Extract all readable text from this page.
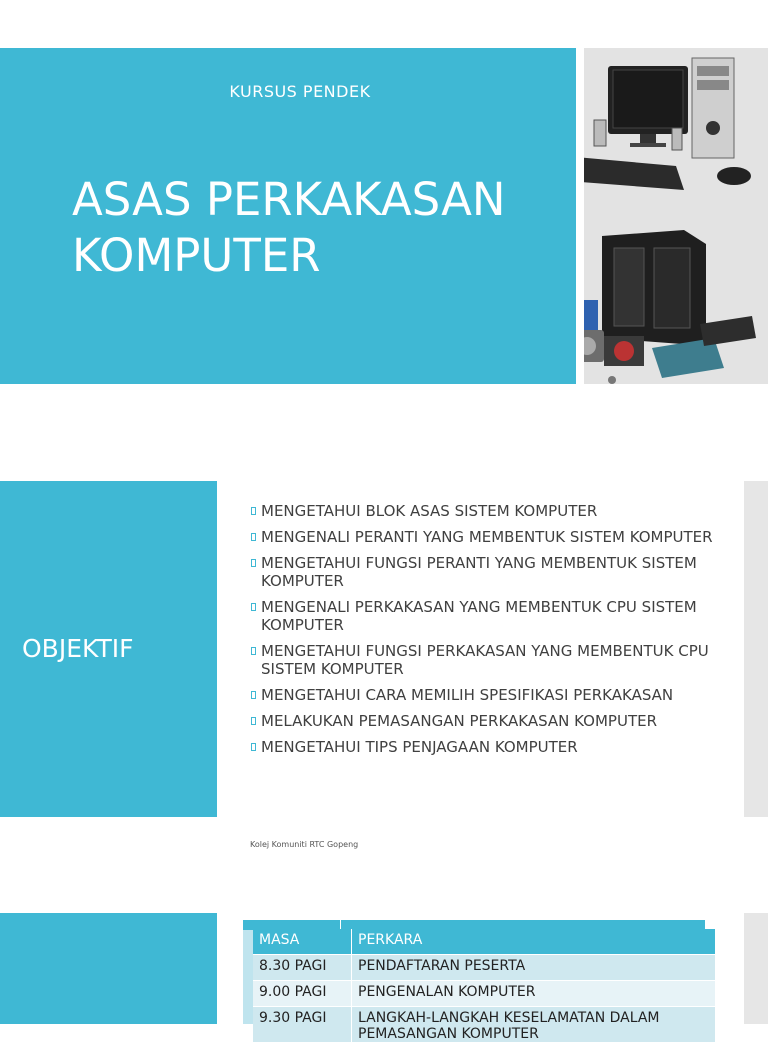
KURSUS PENDEK
ASAS PERKAKASAN
KOMPUTER
OBJEKTIF
MENGETAHUI BLOK ASAS SISTEM KOMPUTER
MENGENALI PERANTI YANG MEMBENTUK SISTEM KOMPUTER
MENGETAHUI FUNGSI PERANTI YANG MEMBENTUK SISTEM KOMPUTER
MENGENALI PERKAKASAN YANG MEMBENTUK CPU SISTEM KOMPUTER
MENGETAHUI FUNGSI PERKAKASAN YANG MEMBENTUK CPU SISTEM KOMPUTER
MENGETAHUI CARA MEMILIH SPESIFIKASI PERKAKASAN
MELAKUKAN PEMASANGAN PERKAKASAN KOMPUTER
MENGETAHUI TIPS PENJAGAAN KOMPUTER
Kolej Komuniti RTC Gopeng
MASA	PERKARA
8.30 PAGI	PENDAFTARAN PESERTA
9.00 PAGI	PENGENALAN KOMPUTER
9.30 PAGI	LANGKAH-LANGKAH KESELAMATAN DALAM PEMASANGAN KOMPUTER
